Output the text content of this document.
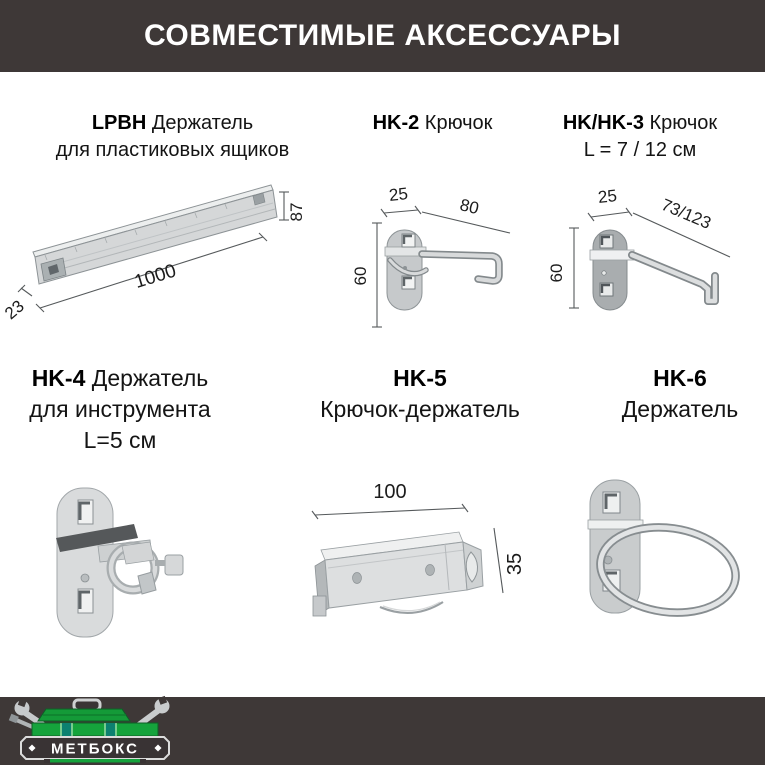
СОВМЕСТИМЫЕ АКСЕССУАРЫ
LPBH Держатель
для пластиковых ящиков
HK-2 Крючок	HK/HK-3 Крючок
L = 7 / 12 см
87
1000
23
60
25
80
60
25 73/123
HK-4 Держатель
для инструмента
L=5 см
HK-5
Крючок-держатель
HK-6
Держатель
100
35
МЕТБОКС
